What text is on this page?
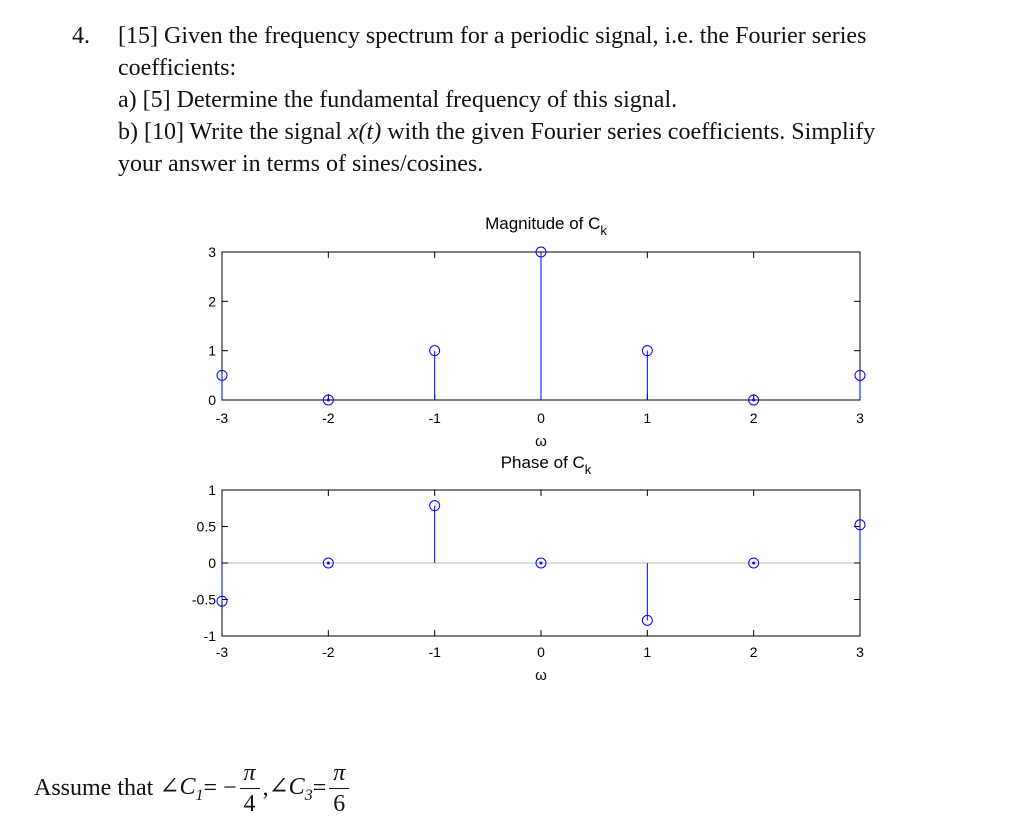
4. [15] Given the frequency spectrum for a periodic signal, i.e. the Fourier series
coefficients:
a) [5] Determine the fundamental frequency of this signal.
b) [10] Write the signal x(t) with the given Fourier series coefficients. Simplify
your answer in terms of sines/cosines.
0
1
2
3
-3	-2	-1	0	1	2	3
Magnitude of $C_k$
ω
-1
-0.5
0
0.5
1
-3	-2	-1	0	1	2	3
Phase of $C_k$
ω
Assume that
$\angle C_1$ = − $\frac{\pi}{4}$ , $\angle C_3 = \frac{\pi}{6}$
